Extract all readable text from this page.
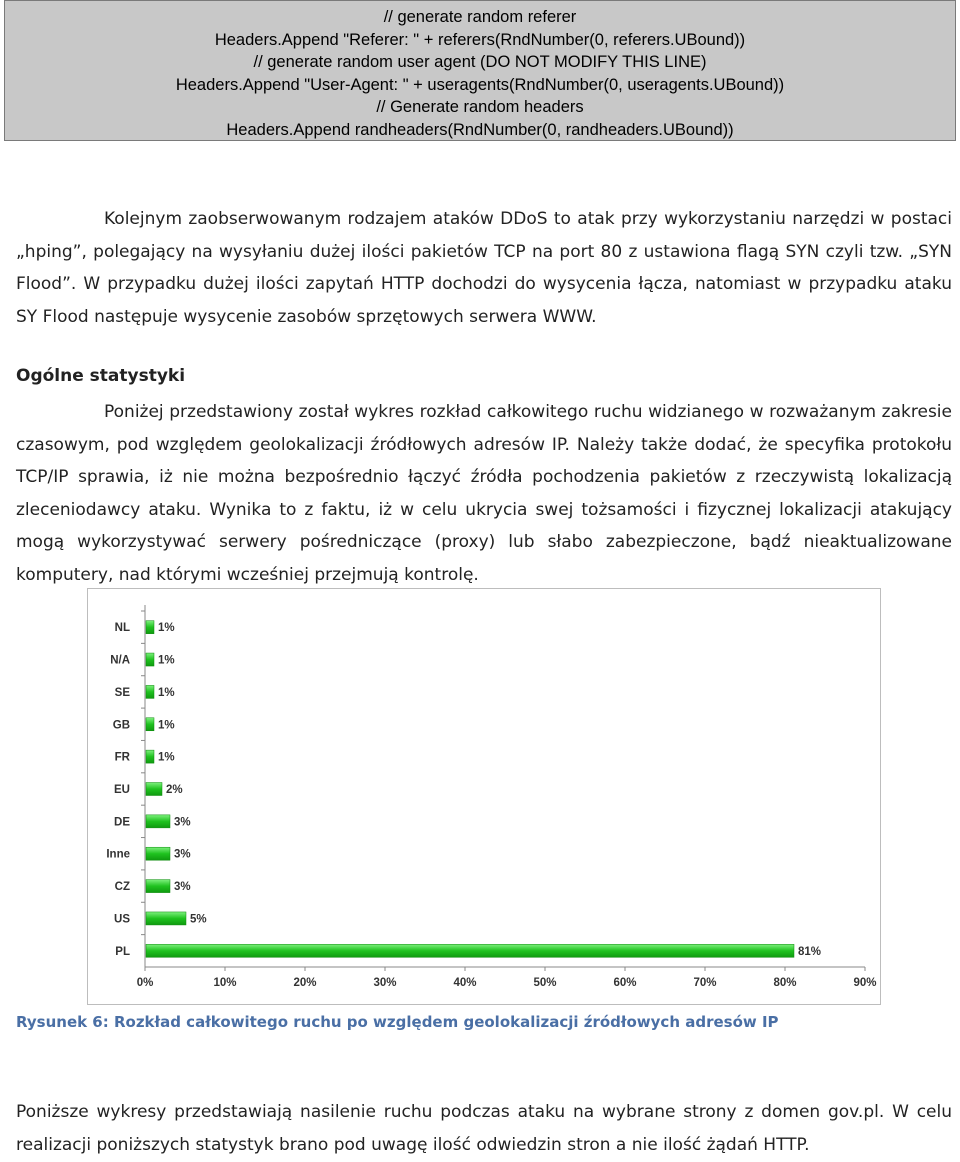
// generate random referer
Headers.Append "Referer: " + referers(RndNumber(0, referers.UBound))
// generate random user agent (DO NOT MODIFY THIS LINE)
Headers.Append "User-Agent: " + useragents(RndNumber(0, useragents.UBound))
// Generate random headers
Headers.Append randheaders(RndNumber(0, randheaders.UBound))
Kolejnym zaobserwowanym rodzajem ataków DDoS to atak przy wykorzystaniu narzędzi w postaci „hping”, polegający na wysyłaniu dużej ilości pakietów TCP na port 80 z ustawiona flagą SYN czyli tzw. „SYN Flood”. W przypadku dużej ilości zapytań HTTP dochodzi do wysycenia łącza, natomiast w przypadku ataku SY Flood następuje wysycenie zasobów sprzętowych serwera WWW.
Ogólne statystyki
Poniżej przedstawiony został wykres rozkład całkowitego ruchu widzianego w rozważanym zakresie czasowym, pod względem geolokalizacji źródłowych adresów IP. Należy także dodać, że specyfika protokołu TCP/IP sprawia, iż nie można bezpośrednio łączyć źródła pochodzenia pakietów z rzeczywistą lokalizacją zleceniodawcy ataku. Wynika to z faktu, iż w celu ukrycia swej tożsamości i fizycznej lokalizacji atakujący mogą wykorzystywać serwery pośredniczące (proxy) lub słabo zabezpieczone, bądź nieaktualizowane komputery, nad którymi wcześniej przejmują kontrolę.
0%	10%	20%	30%	40%	50%	60%	70%	80%	90%
NL 1%
N/A 1%
SE 1%
GB 1%
FR 1%
EU	2%
DE	3%
Inne	3%
CZ	3%
US	5%
PL	81%
Rysunek 6: Rozkład całkowitego ruchu po względem geolokalizacji źródłowych adresów IP
Poniższe wykresy przedstawiają nasilenie ruchu podczas ataku na wybrane strony z domen gov.pl. W celu realizacji poniższych statystyk brano pod uwagę ilość odwiedzin stron a nie ilość żądań HTTP.
